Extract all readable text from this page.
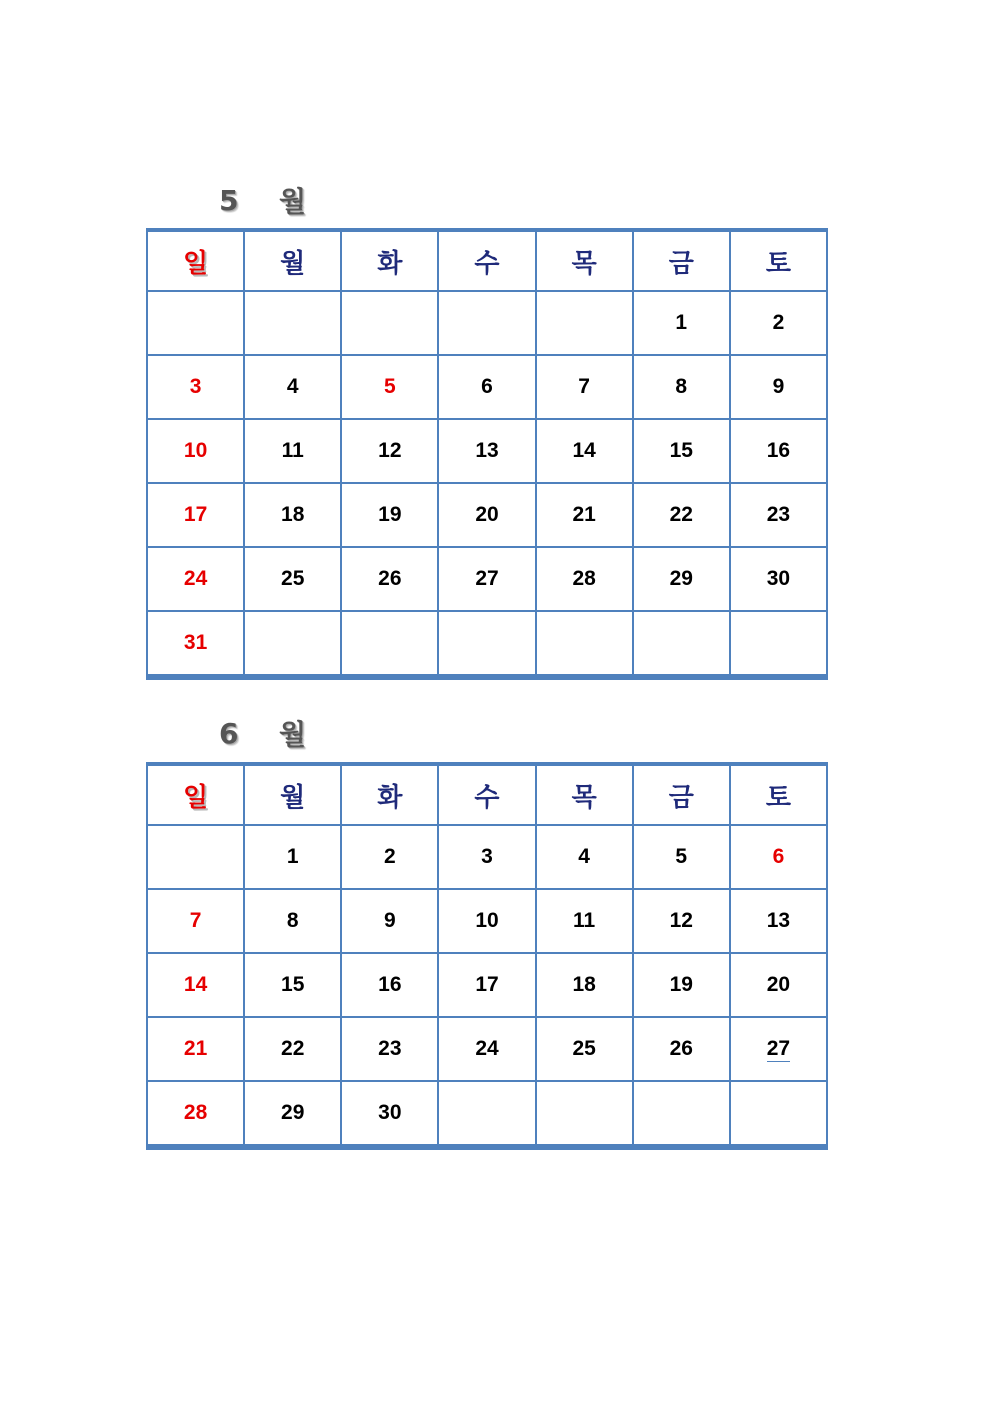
5	월
일	월	화	수	목	금	토
					1	2
3	4	5	6	7	8	9
10	11	12	13	14	15	16
17	18	19	20	21	22	23
24	25	26	27	28	29	30
31						
6	월
일	월	화	수	목	금	토
	1	2	3	4	5	6
7	8	9	10	11	12	13
14	15	16	17	18	19	20
21	22	23	24	25	26	27
28	29	30				
